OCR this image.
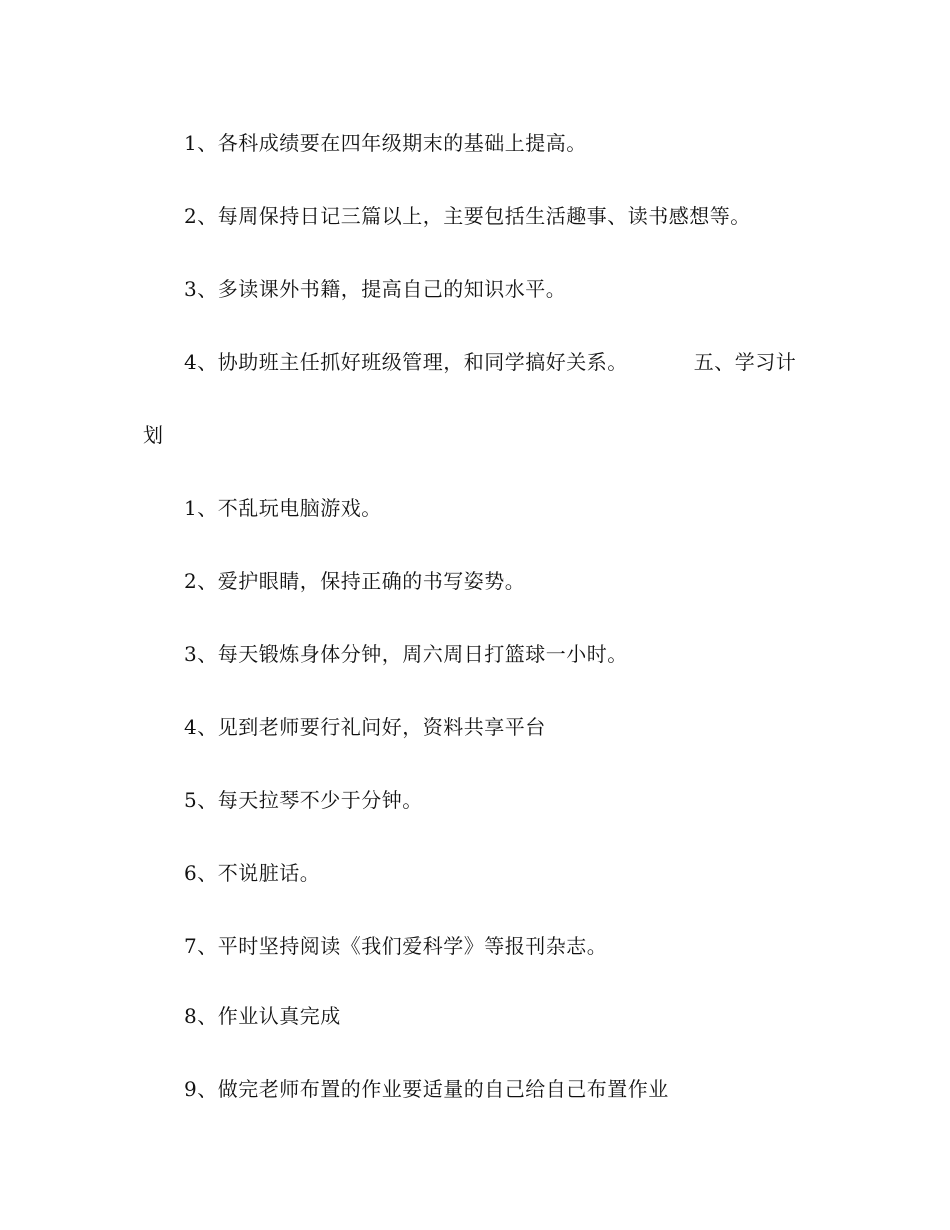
1、各科成绩要在四年级期末的基础上提高。
2、每周保持日记三篇以上，主要包括生活趣事、读书感想等。
3、多读课外书籍，提高自己的知识水平。
4、协助班主任抓好班级管理，和同学搞好关系。	五、学习计
划
1、不乱玩电脑游戏。
2、爱护眼睛，保持正确的书写姿势。
3、每天锻炼身体分钟，周六周日打篮球一小时。
4、见到老师要行礼问好，资料共享平台
5、每天拉琴不少于分钟。
6、不说脏话。
7、平时坚持阅读《我们爱科学》等报刊杂志。
8、作业认真完成
9、做完老师布置的作业要适量的自己给自己布置作业
